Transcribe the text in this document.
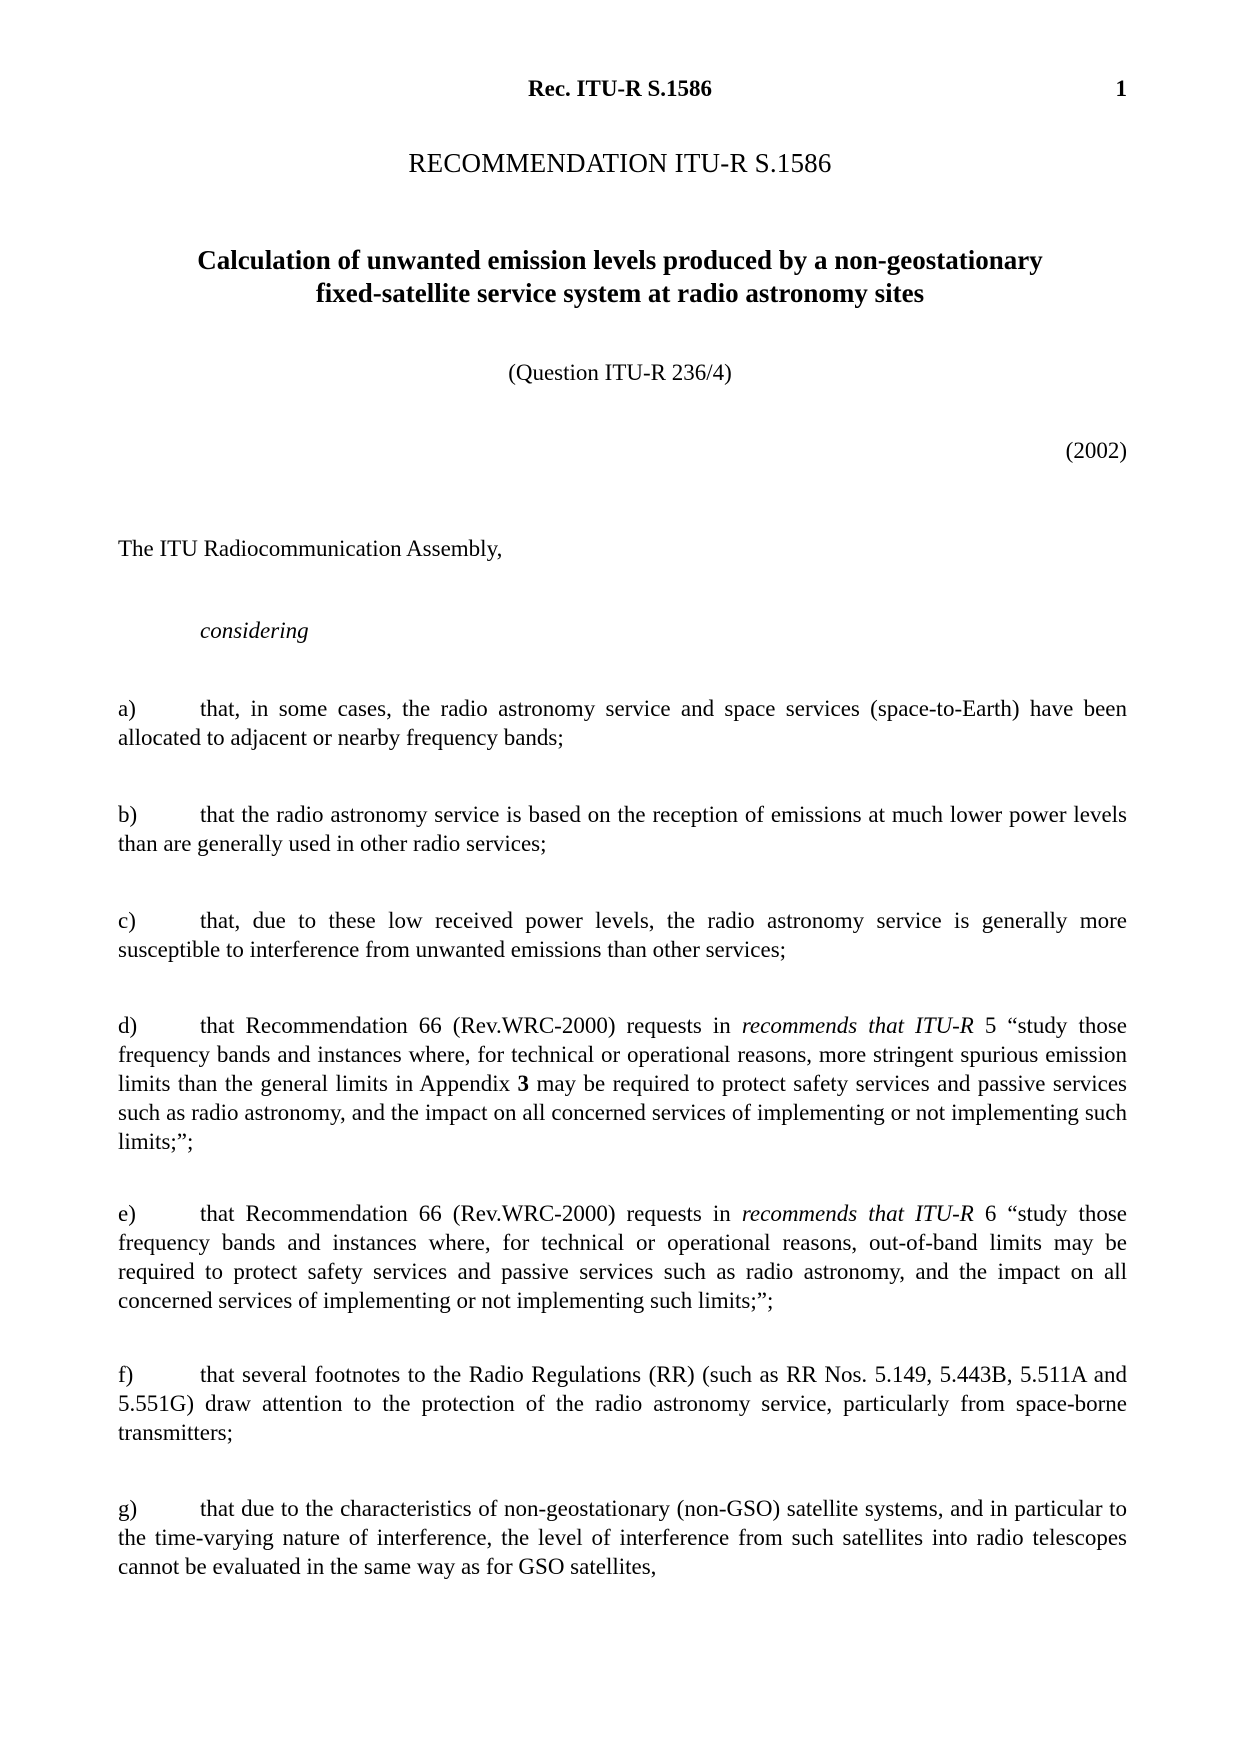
Rec. ITU-R S.1586	1
RECOMMENDATION ITU-R S.1586
Calculation of unwanted emission levels produced by a non-geostationary
fixed-satellite service system at radio astronomy sites
(Question ITU-R 236/4)
(2002)
The ITU Radiocommunication Assembly,
considering
a)	that, in some cases, the radio astronomy service and space services (space-to-Earth) have been allocated to adjacent or nearby frequency bands;
b)	that the radio astronomy service is based on the reception of emissions at much lower power levels than are generally used in other radio services;
c)	that, due to these low received power levels, the radio astronomy service is generally more susceptible to interference from unwanted emissions than other services;
d)	that Recommendation 66 (Rev.WRC-2000) requests in recommends that ITU-R 5 “study those frequency bands and instances where, for technical or operational reasons, more stringent spurious emission limits than the general limits in Appendix 3 may be required to protect safety services and passive services such as radio astronomy, and the impact on all concerned services of implementing or not implementing such limits;”;
e)	that Recommendation 66 (Rev.WRC-2000) requests in recommends that ITU-R 6 “study those frequency bands and instances where, for technical or operational reasons, out-of-band limits may be required to protect safety services and passive services such as radio astronomy, and the impact on all concerned services of implementing or not implementing such limits;”;
f)	that several footnotes to the Radio Regulations (RR) (such as RR Nos. 5.149, 5.443B, 5.511A and 5.551G) draw attention to the protection of the radio astronomy service, particularly from space-borne transmitters;
g)	that due to the characteristics of non-geostationary (non-GSO) satellite systems, and in particular to the time-varying nature of interference, the level of interference from such satellites into radio telescopes cannot be evaluated in the same way as for GSO satellites,
